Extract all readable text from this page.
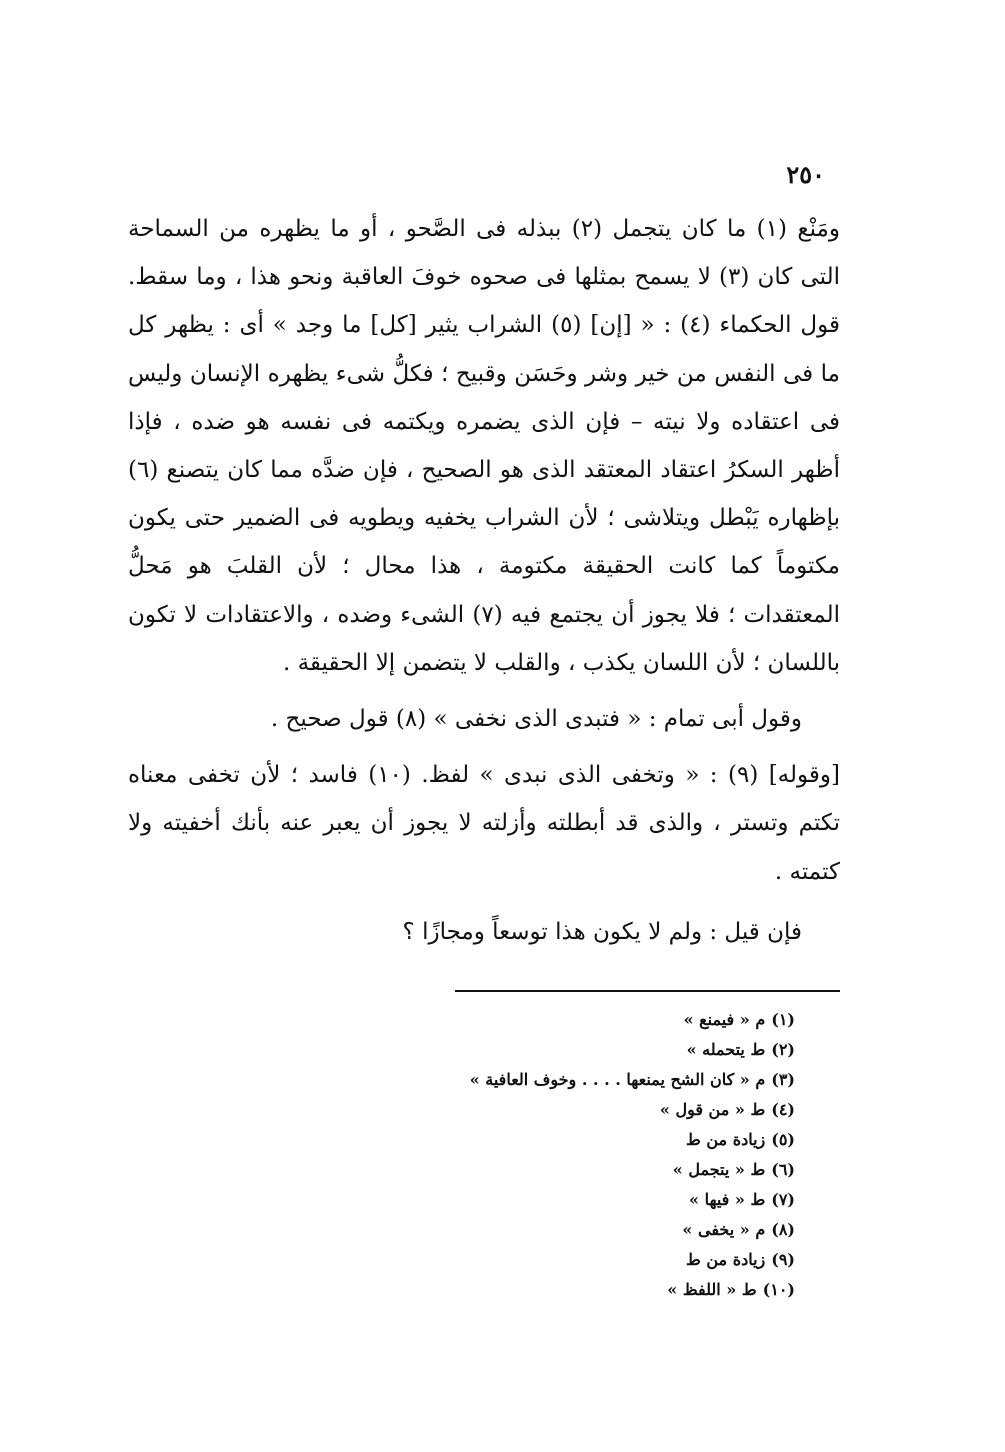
٢٥٠

ومَنْع (١) ما كان يتجمل (٢) ببذله فى الصَّحو ، أو ما يظهره من السماحة التى كان (٣) لا يسمح بمثلها فى صحوه خوفَ العاقبة ونحو هذا ، وما سقط. قول الحكماء (٤) : « [إن] (٥) الشراب يثير [كل] ما وجد » أى : يظهر كل ما فى النفس من خير وشر وحَسَن وقبيح ؛ فكلُّ شىء يظهره الإنسان وليس فى اعتقاده ولا نيته – فإن الذى يضمره ويكتمه فى نفسه هو ضده ، فإذا أظهر السكرُ اعتقاد المعتقد الذى هو الصحيح ، فإن ضدَّه مما كان يتصنع (٦) بإظهاره يَبْطل ويتلاشى ؛ لأن الشراب يخفيه ويطويه فى الضمير حتى يكون مكتوماً كما كانت الحقيقة مكتومة ، هذا محال ؛ لأن القلبَ هو مَحلُّ المعتقدات ؛ فلا يجوز أن يجتمع فيه (٧) الشىء وضده ، والاعتقادات لا تكون باللسان ؛ لأن اللسان يكذب ، والقلب لا يتضمن إلا الحقيقة .

وقول أبى تمام : « فتبدى الذى نخفى » (٨) قول صحيح .

[وقوله] (٩) : « وتخفى الذى نبدى » لفظ. (١٠) فاسد ؛ لأن تخفى معناه تكتم وتستر ، والذى قد أبطلته وأزلته لا يجوز أن يعبر عنه بأنك أخفيته ولا كتمته .

فإن قيل : ولم لا يكون هذا توسعاً ومجازًا ؟

(١)م « فيمنع »
(٢)ط يتحمله »
(٣)م « كان الشح يمنعها . . . . وخوف العافية »
(٤)ط « من قول »
(٥)زيادة من ط
(٦)ط « يتجمل »
(٧)ط « فيها »
(٨)م « يخفى »
(٩)زيادة من ط
(١٠)ط « اللفظ »
